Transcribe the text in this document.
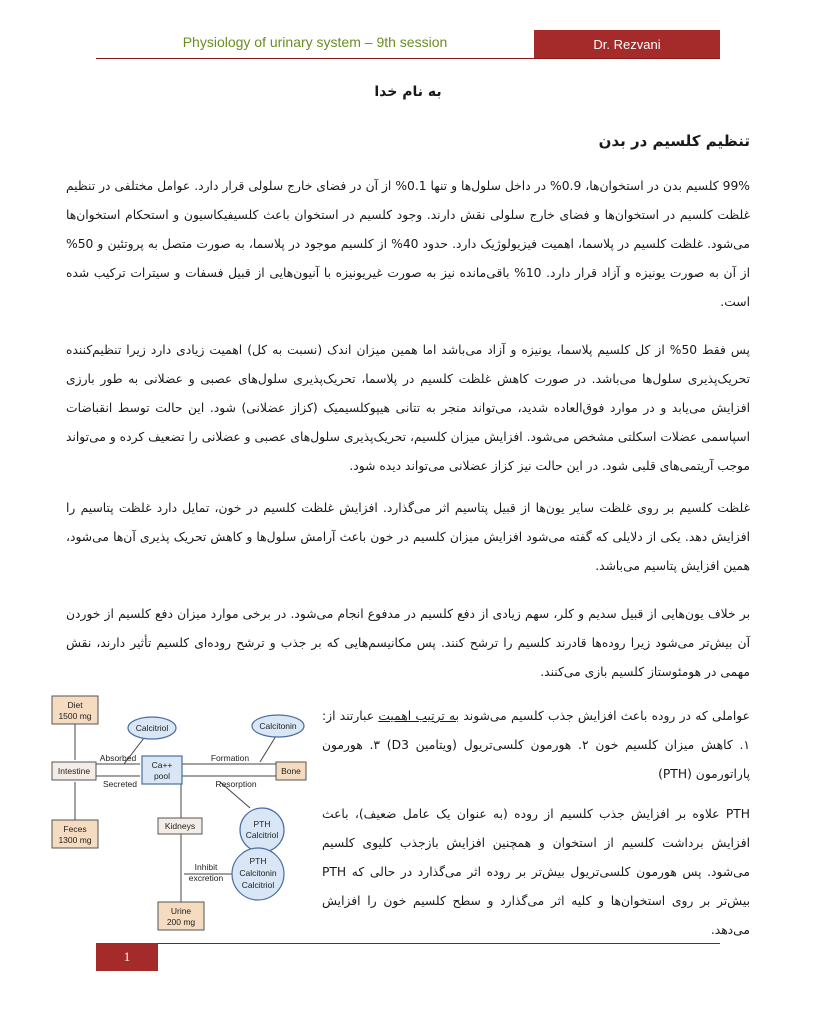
Physiology of urinary system – 9th session	Dr. Rezvani
به نام خدا
تنظیم کلسیم در بدن

99% کلسیم بدن در استخوان‌ها، 0.9% در داخل سلول‌ها و تنها 0.1% از آن در فضای خارج سلولی قرار دارد. عوامل مختلفی در تنظیم غلظت کلسیم در استخوان‌ها و فضای خارج سلولی نقش دارند. وجود کلسیم در استخوان باعث کلسیفیکاسیون و استحکام استخوان‌ها می‌شود. غلظت کلسیم در پلاسما، اهمیت فیزیولوژیک دارد. حدود 40% از کلسیم موجود در پلاسما، به صورت متصل به پروتئین و 50% از آن به صورت یونیزه و آزاد قرار دارد. 10% باقی‌مانده نیز به صورت غیریونیزه با آنیون‌هایی از قبیل فسفات و سیترات ترکیب شده است.

پس فقط 50% از کل کلسیم پلاسما، یونیزه و آزاد می‌باشد اما همین میزان اندک (نسبت به کل) اهمیت زیادی دارد زیرا تنظیم‌کننده تحریک‌پذیری سلول‌ها می‌باشد. در صورت کاهش غلظت کلسیم در پلاسما، تحریک‌پذیری سلول‌های عصبی و عضلانی به طور بارزی افزایش می‌یابد و در موارد فوق‌العاده شدید، می‌تواند منجر به تتانی هیپوکلسیمیک (کزاز عضلانی) شود. این حالت توسط انقباضات اسپاسمی عضلات اسکلتی مشخص می‌شود. افزایش میزان کلسیم، تحریک‌پذیری سلول‌های عصبی و عضلانی را تضعیف کرده و می‌تواند موجب آریتمی‌های قلبی شود. در این حالت نیز کزاز عضلانی می‌تواند دیده شود.

غلظت کلسیم بر روی غلظت سایر یون‌ها از قبیل پتاسیم اثر می‌گذارد. افزایش غلظت کلسیم در خون، تمایل دارد غلظت پتاسیم را افزایش دهد. یکی از دلایلی که گفته می‌شود افزایش میزان کلسیم در خون باعث آرامش سلول‌ها و کاهش تحریک پذیری آن‌ها می‌شود، همین افزایش پتاسیم می‌باشد.

بر خلاف یون‌هایی از قبیل سدیم و کلر، سهم زیادی از دفع کلسیم در مدفوع انجام می‌شود. در برخی موارد میزان دفع کلسیم از خوردن آن بیش‌تر می‌شود زیرا روده‌ها قادرند کلسیم را ترشح کنند. پس مکانیسم‌هایی که بر جذب و ترشح روده‌ای کلسیم تأثیر دارند، نقش مهمی در هومئوستاز کلسیم بازی می‌کنند.

عواملی که در روده باعث افزایش جذب کلسیم می‌شوند به ترتیب اهمیت عبارتند از: ۱. کاهش میزان کلسیم خون ۲. هورمون کلسی‌تریول (ویتامین D3) ۳. هورمون پاراتورمون (PTH)

PTH علاوه بر افزایش جذب کلسیم از روده (به عنوان یک عامل ضعیف)، باعث افزایش برداشت کلسیم از استخوان و همچنین افزایش بازجذب کلیوی کلسیم می‌شود. پس هورمون کلسی‌تریول بیش‌تر بر روده اثر می‌گذارد در حالی که PTH بیش‌تر بر روی استخوان‌ها و کلیه اثر می‌گذارد و سطح کلسیم خون را افزایش می‌دهد.

Diet
1500 mg
Calcitriol	Calcitonin
Absorbed	Formation
Intestine
Ca++
pool	Bone
Secreted	Resorption
Kidneys	PTH
Calcitriol
Feces
1300 mg
Inhibit
excretion
PTH
Calcitonin
Calcitriol
Urine
200 mg
1
